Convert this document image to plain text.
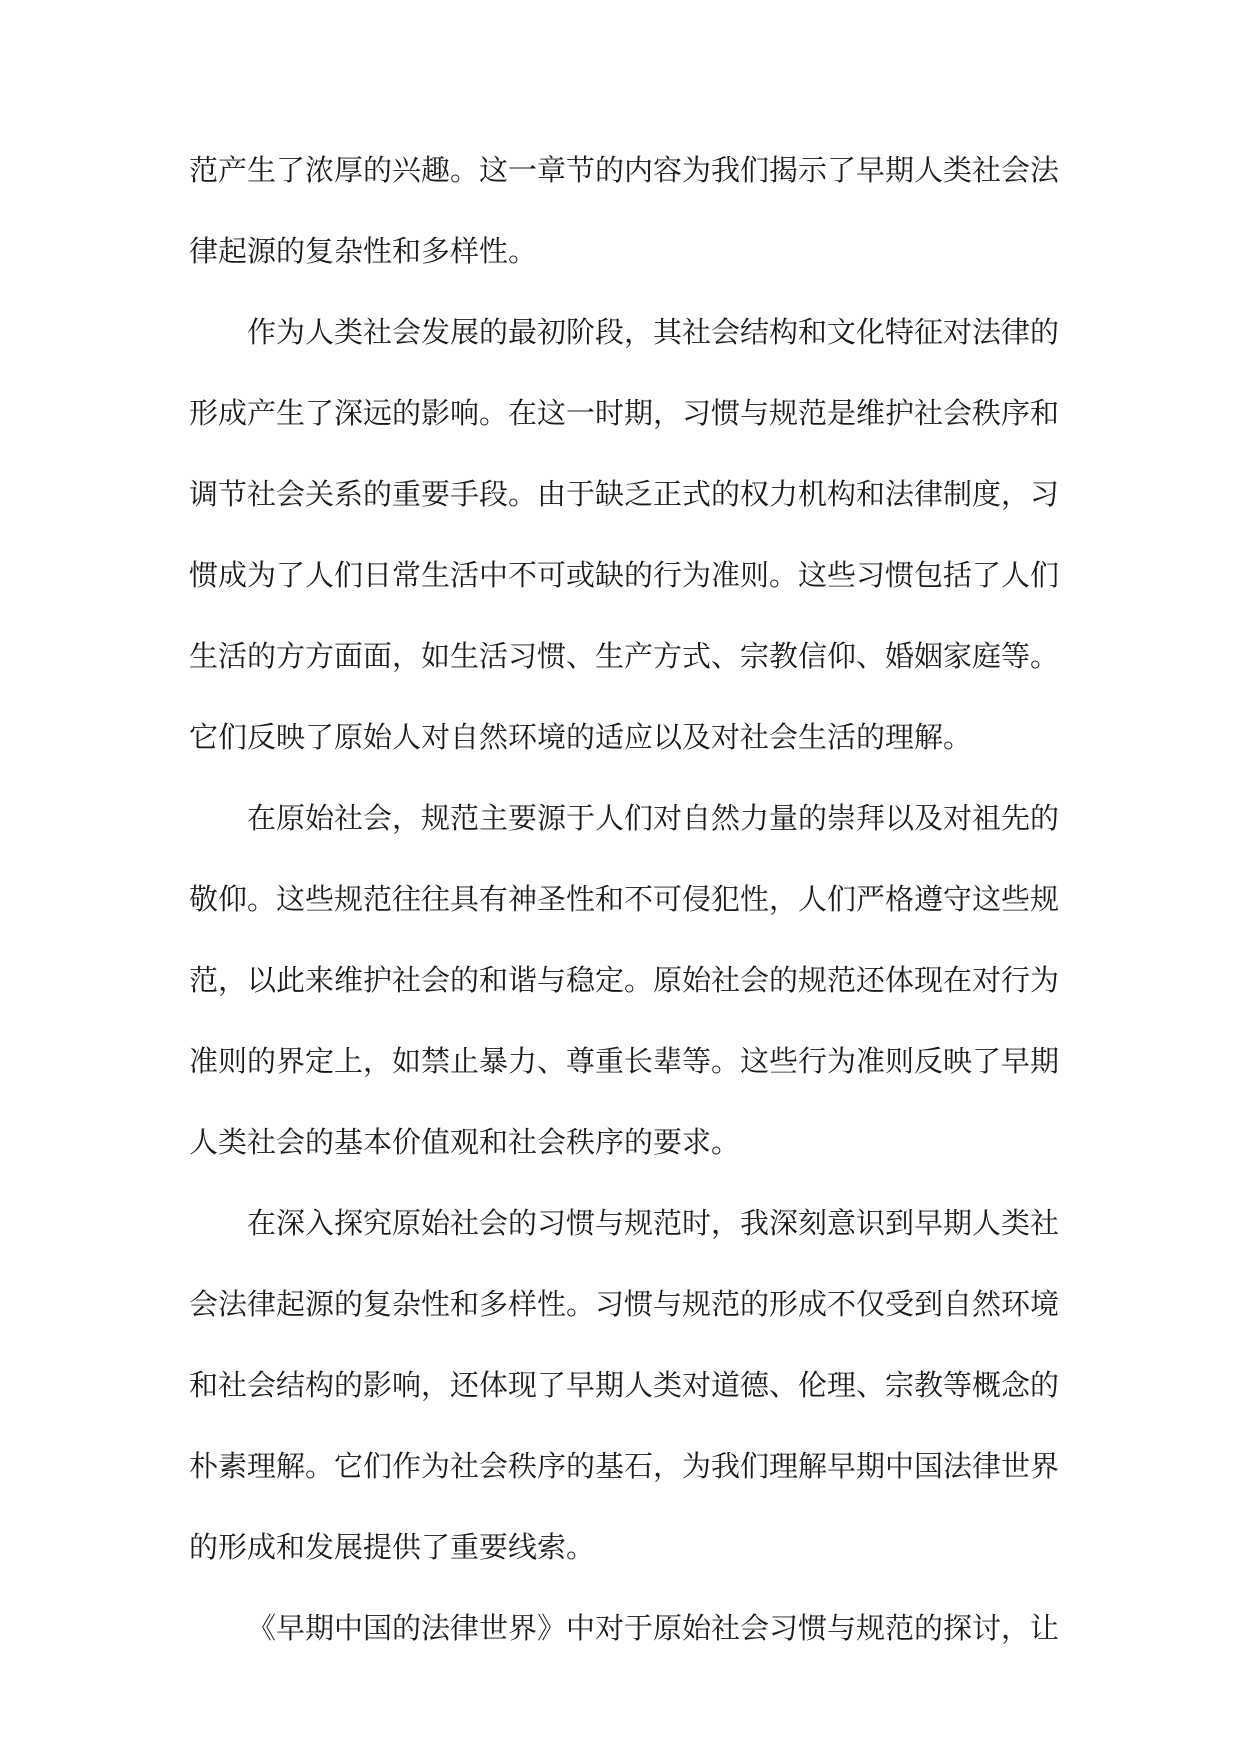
范产生了浓厚的兴趣。这一章节的内容为我们揭示了早期人类社会法
律起源的复杂性和多样性。
作为人类社会发展的最初阶段，其社会结构和文化特征对法律的
形成产生了深远的影响。在这一时期，习惯与规范是维护社会秩序和
调节社会关系的重要手段。由于缺乏正式的权力机构和法律制度，习
惯成为了人们日常生活中不可或缺的行为准则。这些习惯包括了人们
生活的方方面面，如生活习惯、生产方式、宗教信仰、婚姻家庭等。
它们反映了原始人对自然环境的适应以及对社会生活的理解。
在原始社会，规范主要源于人们对自然力量的崇拜以及对祖先的
敬仰。这些规范往往具有神圣性和不可侵犯性，人们严格遵守这些规
范，以此来维护社会的和谐与稳定。原始社会的规范还体现在对行为
准则的界定上，如禁止暴力、尊重长辈等。这些行为准则反映了早期
人类社会的基本价值观和社会秩序的要求。
在深入探究原始社会的习惯与规范时，我深刻意识到早期人类社
会法律起源的复杂性和多样性。习惯与规范的形成不仅受到自然环境
和社会结构的影响，还体现了早期人类对道德、伦理、宗教等概念的
朴素理解。它们作为社会秩序的基石，为我们理解早期中国法律世界
的形成和发展提供了重要线索。
《早期中国的法律世界》中对于原始社会习惯与规范的探讨，让
